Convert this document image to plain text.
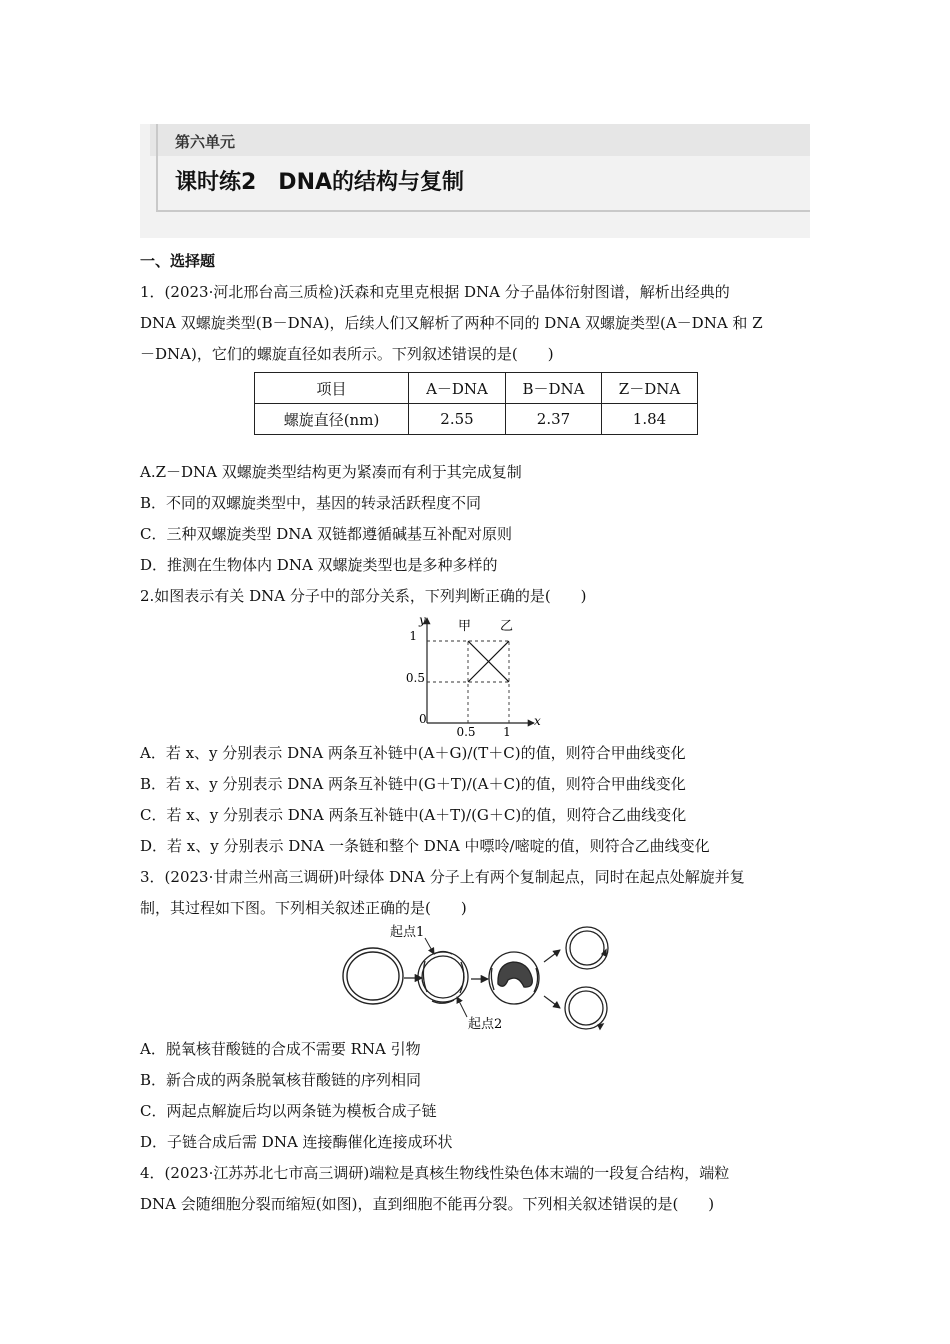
第六单元
课时练2　DNA的结构与复制
一、选择题
1．(2023·河北邢台高三质检)沃森和克里克根据 DNA 分子晶体衍射图谱，解析出经典的
DNA 双螺旋类型(B－DNA)，后续人们又解析了两种不同的 DNA 双螺旋类型(A－DNA 和 Z
－DNA)，它们的螺旋直径如表所示。下列叙述错误的是(　　)
项目	A－DNA	B－DNA	Z－DNA
螺旋直径(nm)	2.55	2.37	1.84
A.Z－DNA 双螺旋类型结构更为紧凑而有利于其完成复制
B．不同的双螺旋类型中，基因的转录活跃程度不同
C．三种双螺旋类型 DNA 双链都遵循碱基互补配对原则
D．推测在生物体内 DNA 双螺旋类型也是多种多样的
2.如图表示有关 DNA 分子中的部分关系，下列判断正确的是(　　)
y
x
0
1
0.5
0.5 1
甲 乙
A．若 x、y 分别表示 DNA 两条互补链中(A＋G)/(T＋C)的值，则符合甲曲线变化
B．若 x、y 分别表示 DNA 两条互补链中(G＋T)/(A＋C)的值，则符合甲曲线变化
C．若 x、y 分别表示 DNA 两条互补链中(A＋T)/(G＋C)的值，则符合乙曲线变化
D．若 x、y 分别表示 DNA 一条链和整个 DNA 中嘌呤/嘧啶的值，则符合乙曲线变化
3．(2023·甘肃兰州高三调研)叶绿体 DNA 分子上有两个复制起点，同时在起点处解旋并复
制，其过程如下图。下列相关叙述正确的是(　　)
起点1
起点2
A．脱氧核苷酸链的合成不需要 RNA 引物
B．新合成的两条脱氧核苷酸链的序列相同
C．两起点解旋后均以两条链为模板合成子链
D．子链合成后需 DNA 连接酶催化连接成环状
4．(2023·江苏苏北七市高三调研)端粒是真核生物线性染色体末端的一段复合结构，端粒
DNA 会随细胞分裂而缩短(如图)，直到细胞不能再分裂。下列相关叙述错误的是(　　)
